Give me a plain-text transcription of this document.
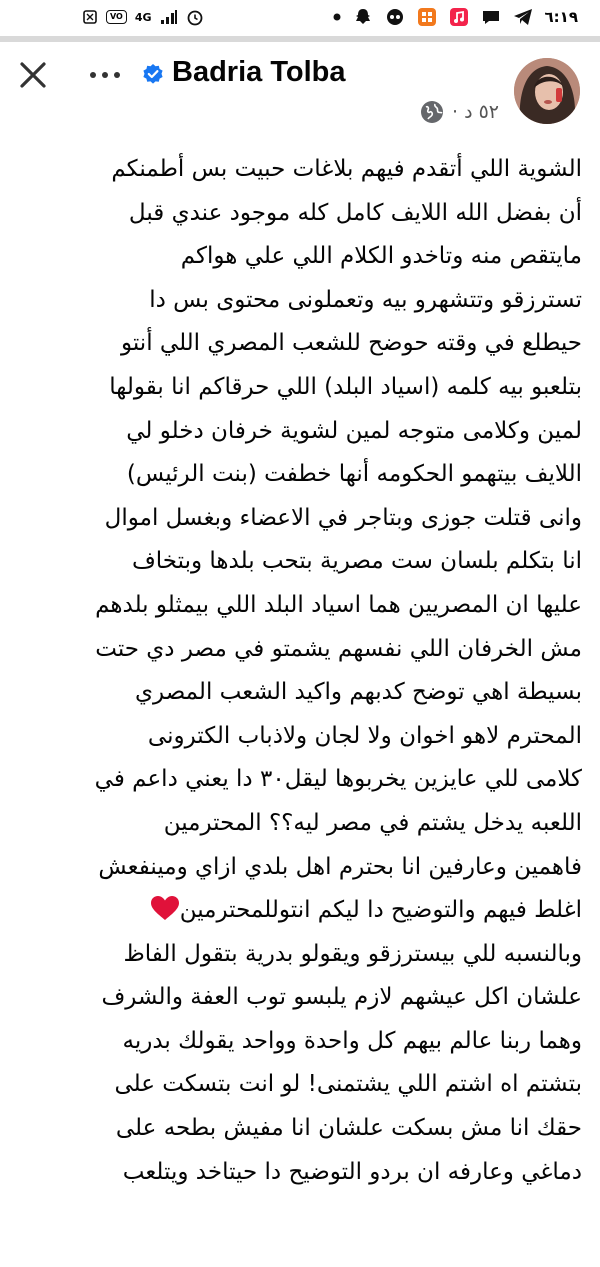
VO	4G	٦:١٩
Badria Tolba
٥٢ د ·
الشوية اللي أتقدم فيهم بلاغات حبيت بس أطمنكم
أن بفضل الله اللايف كامل كله موجود عندي قبل
مايتقص منه وتاخدو الكلام اللي علي هواكم
تسترزقو وتتشهرو بيه وتعملونى محتوى بس دا
حيطلع في وقته حوضح للشعب المصري اللي أنتو
بتلعبو بيه كلمه (اسياد البلد) اللي حرقاكم انا بقولها
لمين وكلامى متوجه لمين لشوية خرفان دخلو لي
اللايف بيتهمو الحكومه أنها خطفت (بنت الرئيس)
وانى قتلت جوزى وبتاجر في الاعضاء وبغسل اموال
انا بتكلم بلسان ست مصرية بتحب بلدها وبتخاف
عليها ان المصريين هما اسياد البلد اللي بيمثلو بلدهم
مش الخرفان اللي نفسهم يشمتو في مصر دي حتت
بسيطة اهي توضح كدبهم واكيد الشعب المصري
المحترم لاهو اخوان ولا لجان ولاذباب الكترونى
كلامى للي عايزين يخربوها ليقل٣٠ دا يعني داعم في
اللعبه يدخل يشتم في مصر ليه؟؟ المحترمين
فاهمين وعارفين انا بحترم اهل بلدي ازاي ومينفعش
اغلط فيهم والتوضيح دا ليكم انتوللمحترمين
وبالنسبه للي بيسترزقو ويقولو بدرية بتقول الفاظ
علشان اكل عيشهم لازم يلبسو توب العفة والشرف
وهما ربنا عالم بيهم كل واحدة وواحد يقولك بدريه
بتشتم اه اشتم اللي يشتمنى! لو انت بتسكت على
حقك انا مش بسكت علشان انا مفيش بطحه على
دماغي وعارفه ان بردو التوضيح دا حيتاخد ويتلعب
